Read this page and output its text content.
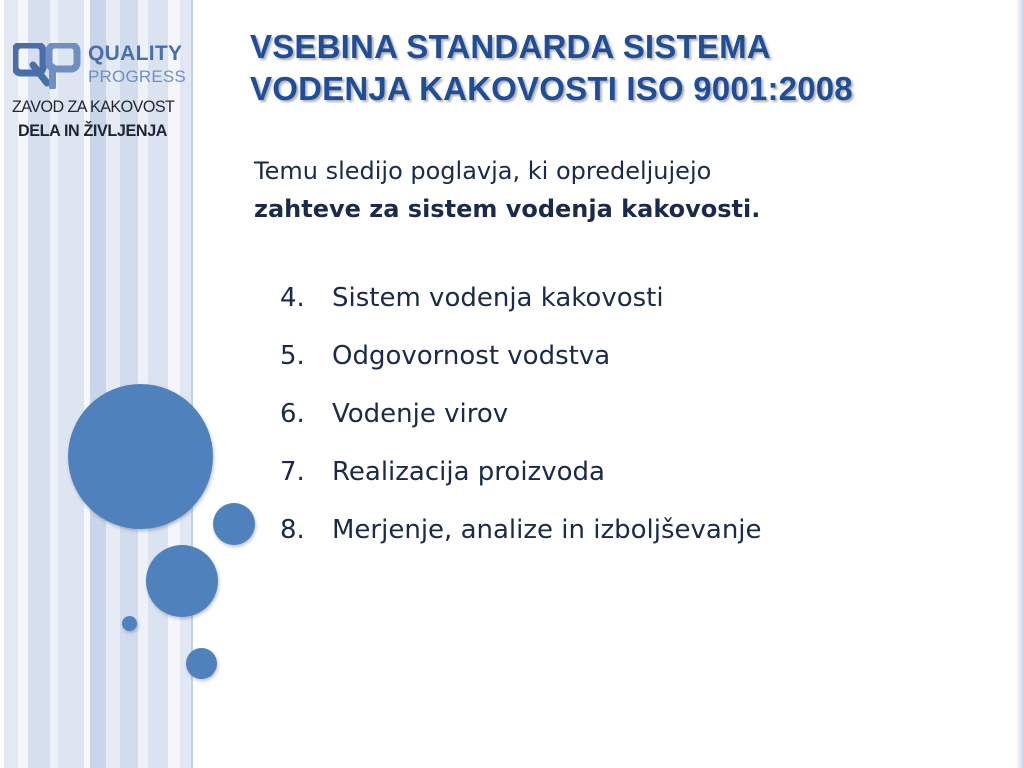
QUALITY
PROGRESS
ZAVOD ZA KAKOVOST
DELA IN ŽIVLJENJA
VSEBINA STANDARDA SISTEMA
VODENJA KAKOVOSTI ISO 9001:2008
Temu sledijo poglavja, ki opredeljujejo
zahteve za sistem vodenja kakovosti.
4. Sistem vodenja kakovosti
5. Odgovornost vodstva
6. Vodenje virov
7. Realizacija proizvoda
8. Merjenje, analize in izboljševanje
